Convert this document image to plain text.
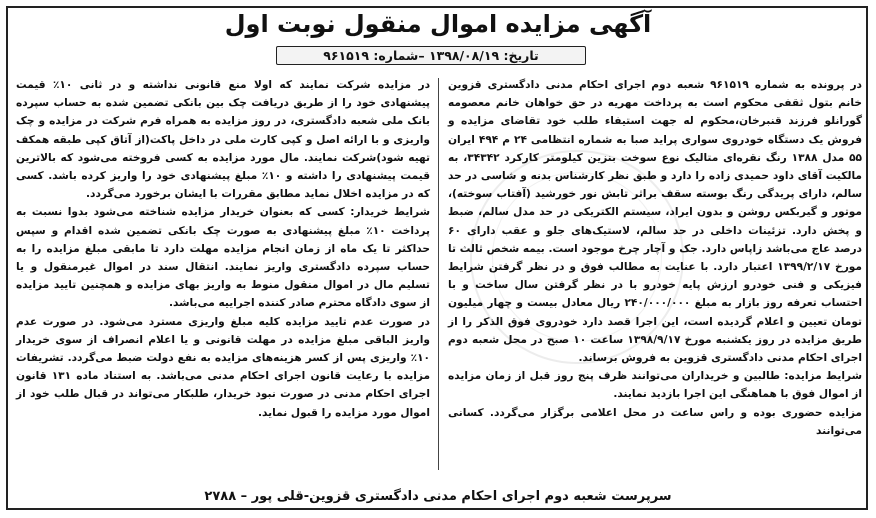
آگهی مزایده اموال منقول نوبت اول
تاریخ: ۱۳۹۸/۰۸/۱۹ –شماره: ۹۶۱۵۱۹

در پرونده به شماره ۹۶۱۵۱۹ شعبه دوم اجرای احکام مدنی دادگستری قزوین خانم بتول ثقفی محکوم است به پرداخت مهریه در حق خواهان خانم معصومه گورانلو فرزند قنبرخان،محکوم له جهت استیفاء طلب خود تقاضای مزایده و فروش یک دستگاه خودروی سواری پراید صبا به شماره انتظامی ۲۴ م ۴۹۴ ایران ۵۵ مدل ۱۳۸۸ رنگ نقره‌ای متالیک نوع سوخت بنزین کیلومتر کارکرد ۳۴۳۴۲، به مالکیت آقای داود حمیدی زاده را دارد و طبق نظر کارشناس بدنه و شاسی در حد سالم، دارای پریدگی رنگ بوسته سقف براثر تابش نور خورشید (آفتاب سوخته)، موتور و گیربکس روشن و بدون ایراد، سیستم الکتریکی در حد مدل سالم، ضبط و پخش دارد. تزئینات داخلی در حد سالم، لاستیک‌های جلو و عقب دارای ۶۰ درصد عاج می‌باشد زاپاس دارد. جک و آچار چرخ موجود است. بیمه شخص ثالث تا مورخ ۱۳۹۹/۲/۱۷ اعتبار دارد. با عنایت به مطالب فوق و در نظر گرفتن شرایط فیزیکی و فنی خودرو ارزش پایه خودرو با در نظر گرفتن سال ساخت و با احتساب تعرفه روز بازار به مبلغ ۲۴۰/۰۰۰/۰۰۰ ریال معادل بیست و چهار میلیون تومان تعیین و اعلام گردیده است، این اجرا قصد دارد خودروی فوق الذکر را از طریق مزایده در روز یکشنبه مورخ ۱۳۹۸/۹/۱۷ ساعت ۱۰ صبح در محل شعبه دوم اجرای احکام مدنی دادگستری قزوین به فروش برساند.

شرایط مزایده: طالبین و خریداران می‌توانند ظرف پنج روز قبل از زمان مزایده از اموال فوق با هماهنگی این اجرا بازدید نمایند.

مزایده حضوری بوده و راس ساعت در محل اعلامی برگزار می‌گردد. کسانی می‌توانند

در مزایده شرکت نمایند که اولا منع قانونی نداشته و در ثانی ۱۰٪ قیمت پیشنهادی خود را از طریق دریافت چک بین بانکی تضمین شده به حساب سپرده بانک ملی شعبه دادگستری، در روز مزایده به همراه فرم شرکت در مزایده و چک واریزی و با ارائه اصل و کپی کارت ملی در داخل پاکت(از آتاق کپی طبقه همکف تهیه شود)شرکت نمایند. مال مورد مزایده به کسی فروخته می‌شود که بالاترین قیمت پیشنهادی را داشته و ۱۰٪ مبلغ پیشنهادی خود را واریز کرده باشد. کسی که در مزایده اخلال نماید مطابق مقررات با ایشان برخورد می‌گردد.

شرایط خریدار: کسی که بعنوان خریدار مزایده شناخته می‌شود بدوا نسبت به پرداخت ۱۰٪ مبلغ پیشنهادی به صورت چک بانکی تضمین شده اقدام و سپس حداکثر تا یک ماه از زمان انجام مزایده مهلت دارد تا مابقی مبلغ مزایده را به حساب سپرده دادگستری واریز نمایند. انتقال سند در اموال غیرمنقول و یا تسلیم مال در اموال منقول منوط به واریز بهای مزایده و همچنین تایید مزایده از سوی دادگاه محترم صادر کننده اجراییه می‌باشد.

در صورت عدم تایید مزایده کلیه مبلغ واریزی مسترد می‌شود. در صورت عدم واریز الباقی مبلغ مزایده در مهلت قانونی و یا اعلام انصراف از سوی خریدار ۱۰٪ واریزی پس از کسر هزینه‌های مزایده به نفع دولت ضبط می‌گردد. تشریفات مزایده با رعایت قانون اجرای احکام مدنی می‌باشد. به استناد ماده ۱۳۱ قانون اجرای احکام مدنی در صورت نبود خریدار، طلبکار می‌تواند در قبال طلب خود از اموال مورد مزایده را قبول نماید.

سرپرست شعبه دوم اجرای احکام مدنی دادگستری قزوین-قلی پور – ۲۷۸۸
